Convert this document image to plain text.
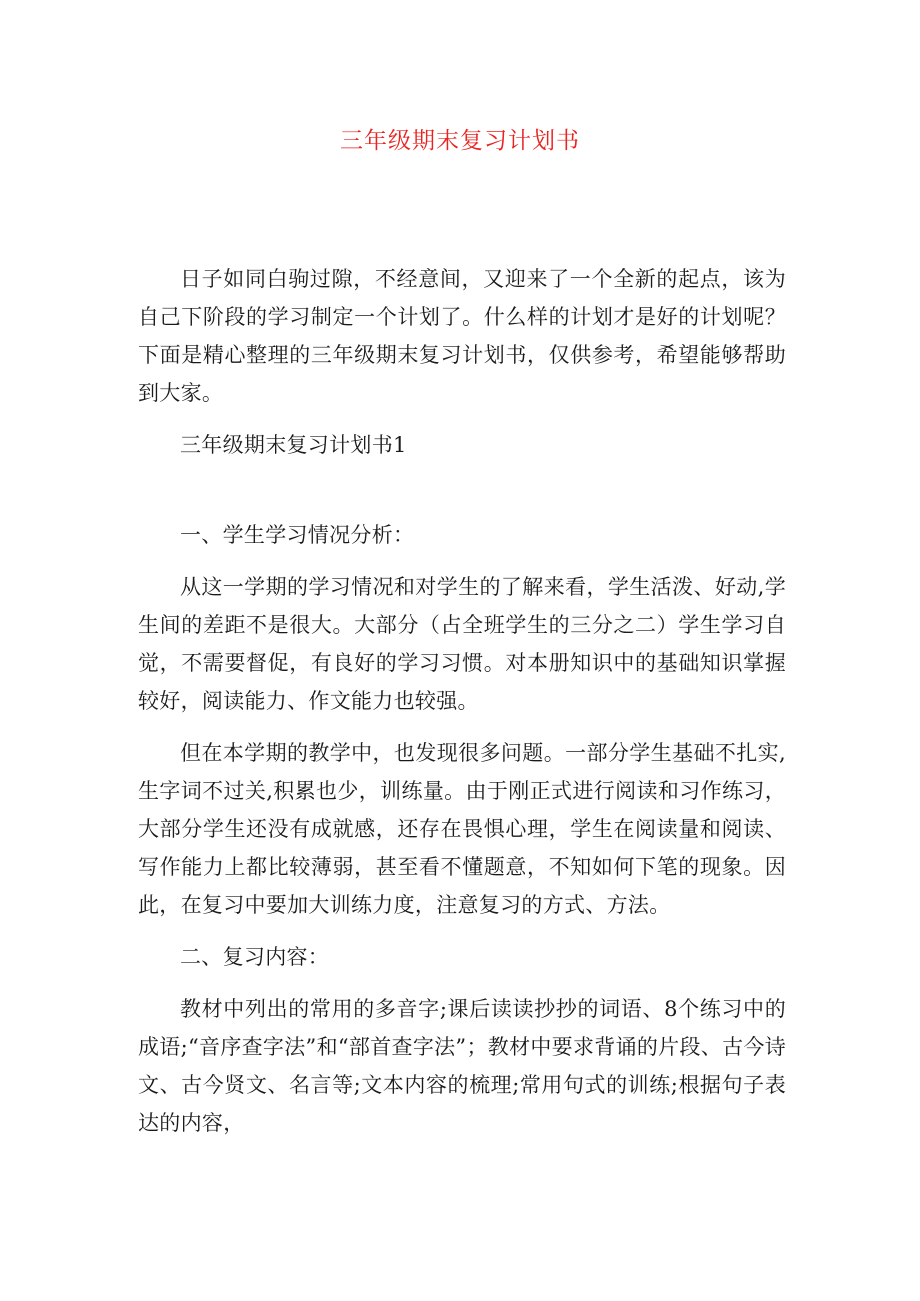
三年级期末复习计划书

日子如同白驹过隙，不经意间，又迎来了一个全新的起点，该为自己下阶段的学习制定一个计划了。什么样的计划才是好的计划呢？下面是精心整理的三年级期末复习计划书，仅供参考，希望能够帮助到大家。

三年级期末复习计划书1

一、学生学习情况分析：

从这一学期的学习情况和对学生的了解来看，学生活泼、好动,学生间的差距不是很大。大部分（占全班学生的三分之二）学生学习自觉，不需要督促，有良好的学习习惯。对本册知识中的基础知识掌握较好，阅读能力、作文能力也较强。

但在本学期的教学中，也发现很多问题。一部分学生基础不扎实,生字词不过关,积累也少，训练量。由于刚正式进行阅读和习作练习，大部分学生还没有成就感，还存在畏惧心理，学生在阅读量和阅读、写作能力上都比较薄弱，甚至看不懂题意，不知如何下笔的现象。因此，在复习中要加大训练力度，注意复习的方式、方法。

二、复习内容：

教材中列出的常用的多音字;课后读读抄抄的词语、8个练习中的成语;“音序查字法”和“部首查字法”；教材中要求背诵的片段、古今诗文、古今贤文、名言等;文本内容的梳理;常用句式的训练;根据句子表达的内容，
